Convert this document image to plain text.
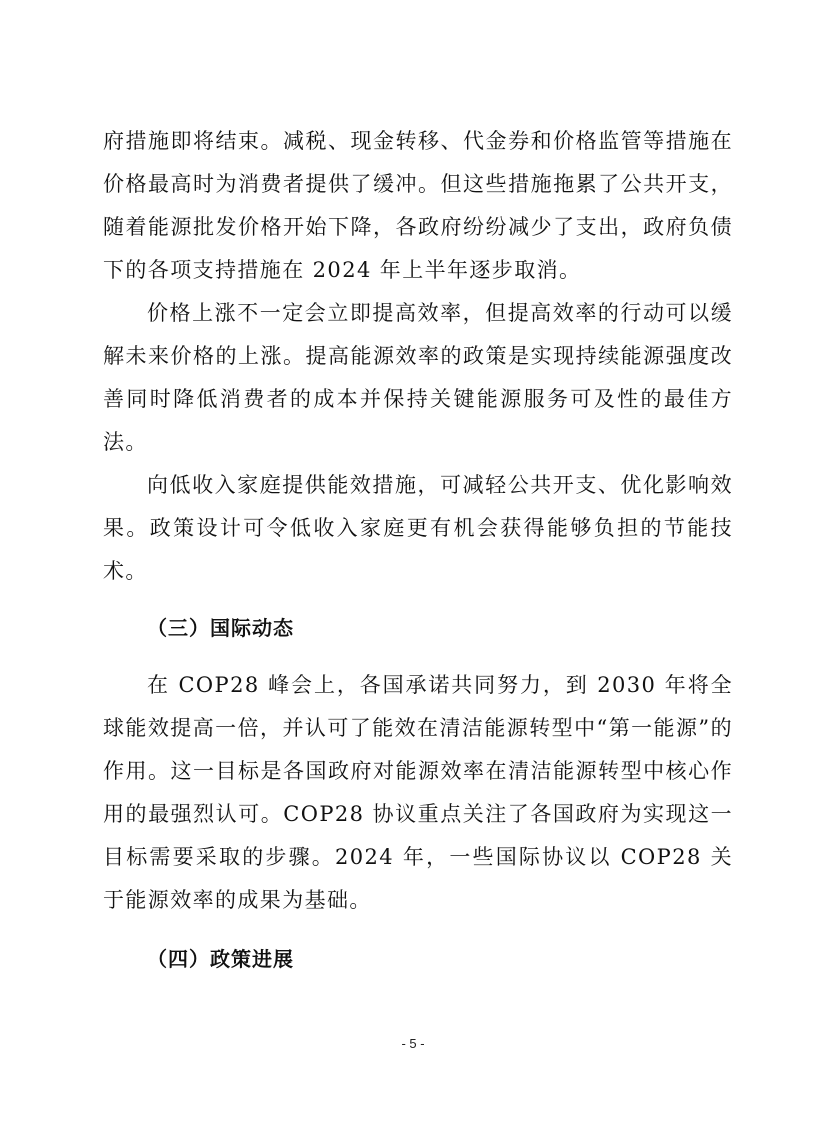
府措施即将结束。减税、现金转移、代金券和价格监管等措施在价格最高时为消费者提供了缓冲。但这些措施拖累了公共开支，随着能源批发价格开始下降，各政府纷纷减少了支出，政府负债下的各项支持措施在 2024 年上半年逐步取消。

价格上涨不一定会立即提高效率，但提高效率的行动可以缓解未来价格的上涨。提高能源效率的政策是实现持续能源强度改善同时降低消费者的成本并保持关键能源服务可及性的最佳方法。

向低收入家庭提供能效措施，可减轻公共开支、优化影响效果。政策设计可令低收入家庭更有机会获得能够负担的节能技术。

（三）国际动态

在 COP28 峰会上，各国承诺共同努力，到 2030 年将全球能效提高一倍，并认可了能效在清洁能源转型中“第一能源”的作用。这一目标是各国政府对能源效率在清洁能源转型中核心作用的最强烈认可。COP28 协议重点关注了各国政府为实现这一目标需要采取的步骤。2024 年，一些国际协议以 COP28 关于能源效率的成果为基础。

（四）政策进展
- 5 -
